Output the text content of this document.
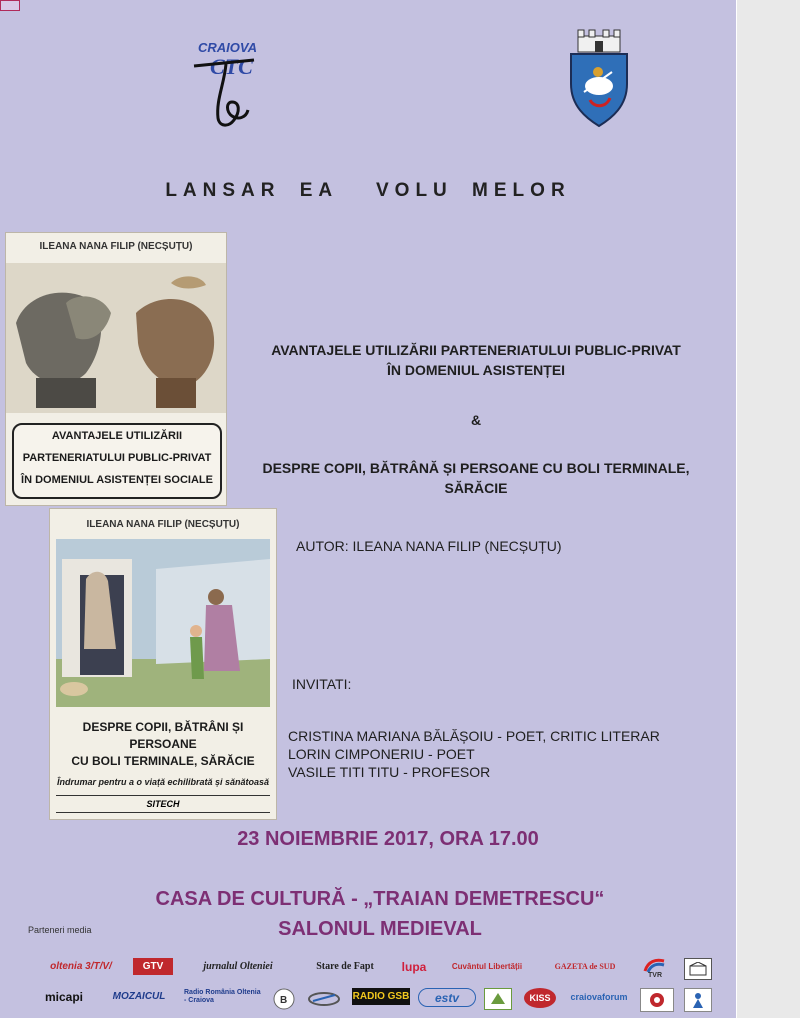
CRAIOVA
CTC
LANSAR EA  VOLU MELOR
ILEANA NANA FILIP (NECȘUȚU)
AVANTAJELE UTILIZĂRII
PARTENERIATULUI PUBLIC-PRIVAT
ÎN DOMENIUL ASISTENȚEI SOCIALE
ILEANA NANA FILIP (NECȘUȚU)
DESPRE COPII, BĂTRÂNI ȘI PERSOANE
CU BOLI TERMINALE, SĂRĂCIE
Îndrumar pentru a o viață echilibrată și sănătoasă
SITECH
AVANTAJELE UTILIZĂRII PARTENERIATULUI PUBLIC-PRIVAT
ÎN DOMENIUL ASISTENȚEI
&
DESPRE COPII, BĂTRÂNĂ ȘI PERSOANE CU BOLI TERMINALE,
SĂRĂCIE
AUTOR: ILEANA NANA FILIP (NECȘUȚU)
INVITATI:
CRISTINA MARIANA BĂLĂȘOIU - POET, CRITIC LITERAR
LORIN CIMPONERIU - POET
VASILE TITI TITU - PROFESOR
23 NOIEMBRIE 2017, ORA 17.00
CASA DE CULTURĂ - „TRAIAN DEMETRESCU“
SALONUL MEDIEVAL
Parteneri media
oltenia 3/T/V/	GTV	jurnalul Olteniei	Stare de Fapt	lupa	Cuvântul Libertății	GAZETA de SUD
TVR
micapi	MOZAICUL	Radio România Oltenia - Craiova	B	RADIO GSB	estv	KISS	craiovaforum
